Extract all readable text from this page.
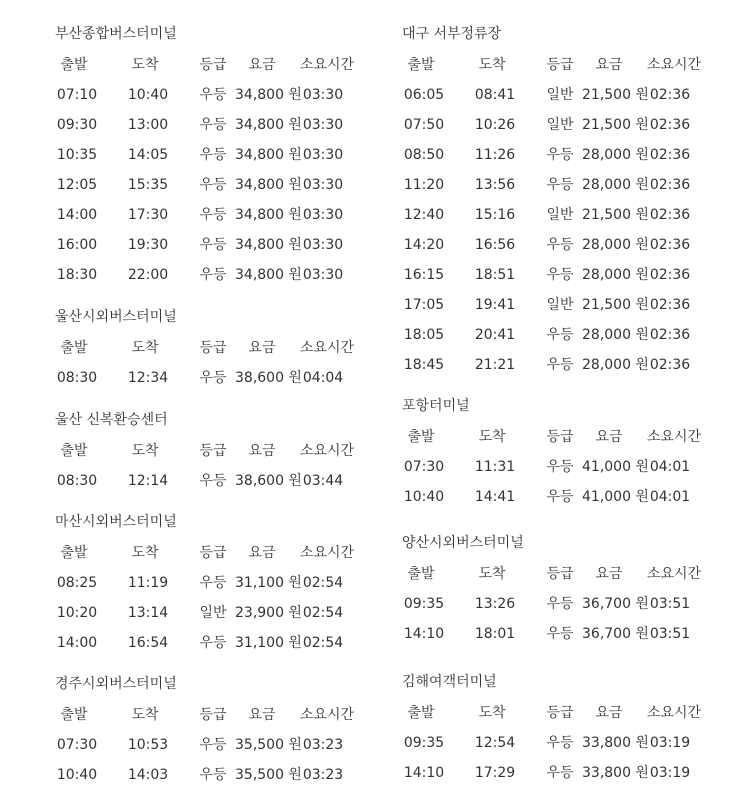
부산종합버스터미널
출발	도착	등급 요금 소요시간
07:10 10:40 우등 34,800 원 03:30
09:30 13:00 우등 34,800 원 03:30
10:35 14:05 우등 34,800 원 03:30
12:05 15:35 우등 34,800 원 03:30
14:00 17:30 우등 34,800 원 03:30
16:00 19:30 우등 34,800 원 03:30
18:30 22:00 우등 34,800 원 03:30
울산시외버스터미널
출발	도착	등급 요금 소요시간
08:30 12:34 우등 38,600 원 04:04
울산 신복환승센터
출발	도착	등급 요금 소요시간
08:30 12:14 우등 38,600 원 03:44
마산시외버스터미널
출발	도착	등급 요금 소요시간
08:25 11:19 우등 31,100 원 02:54
10:20 13:14 일반 23,900 원 02:54
14:00 16:54 우등 31,100 원 02:54
경주시외버스터미널
출발	도착	등급 요금 소요시간
07:30 10:53 우등 35,500 원 03:23
10:40 14:03 우등 35,500 원 03:23
대구 서부정류장
출발	도착	등급 요금 소요시간
06:05 08:41 일반 21,500 원 02:36
07:50 10:26 일반 21,500 원 02:36
08:50 11:26 우등 28,000 원 02:36
11:20 13:56 우등 28,000 원 02:36
12:40 15:16 일반 21,500 원 02:36
14:20 16:56 우등 28,000 원 02:36
16:15 18:51 우등 28,000 원 02:36
17:05 19:41 일반 21,500 원 02:36
18:05 20:41 우등 28,000 원 02:36
18:45 21:21 우등 28,000 원 02:36
포항터미널
출발	도착	등급 요금 소요시간
07:30 11:31 우등 41,000 원 04:01
10:40 14:41 우등 41,000 원 04:01
양산시외버스터미널
출발	도착	등급 요금 소요시간
09:35 13:26 우등 36,700 원 03:51
14:10 18:01 우등 36,700 원 03:51
김해여객터미널
출발	도착	등급 요금 소요시간
09:35 12:54 우등 33,800 원 03:19
14:10 17:29 우등 33,800 원 03:19
